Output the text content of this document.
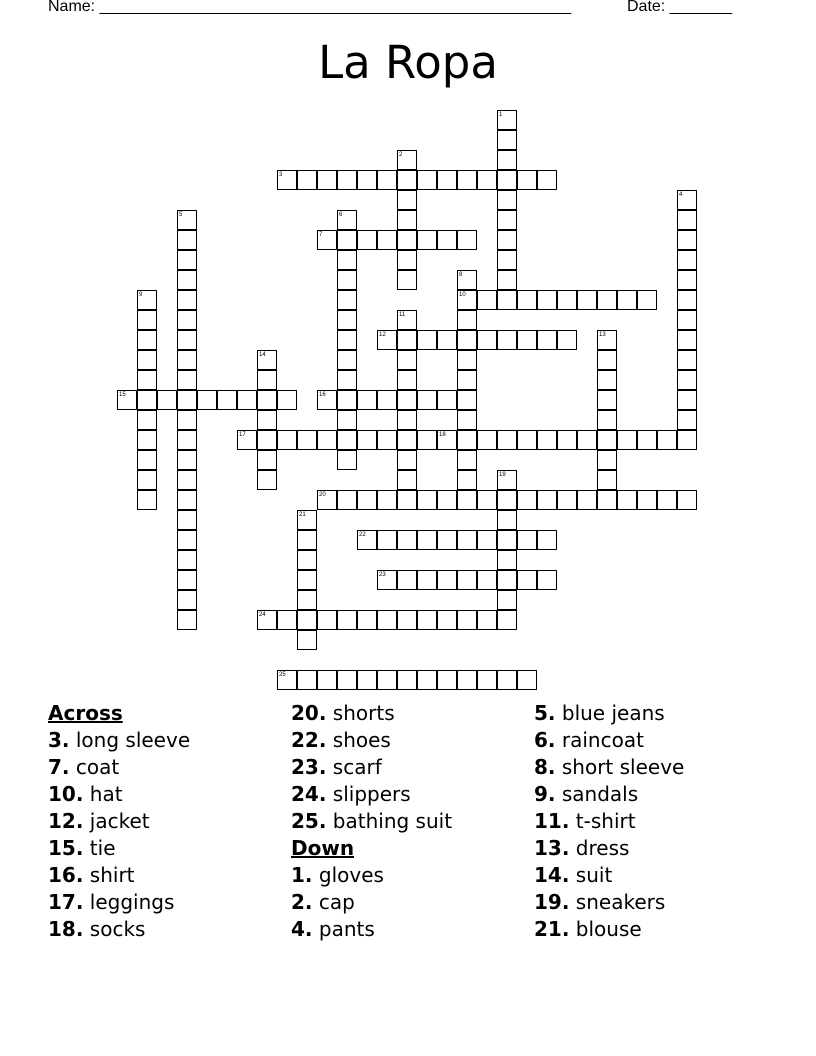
Name: _____________________________________________________	Date: _______
La Ropa
3
7
10
12
15	16
17	18
20
22
23
24
25
1
2
4
5	6
8
9
11
13
14
19
21
Across
3. long sleeve
7. coat
10. hat
12. jacket
15. tie
16. shirt
17. leggings
18. socks
20. shorts
22. shoes
23. scarf
24. slippers
25. bathing suit
Down
1. gloves
2. cap
4. pants
5. blue jeans
6. raincoat
8. short sleeve
9. sandals
11. t-shirt
13. dress
14. suit
19. sneakers
21. blouse
